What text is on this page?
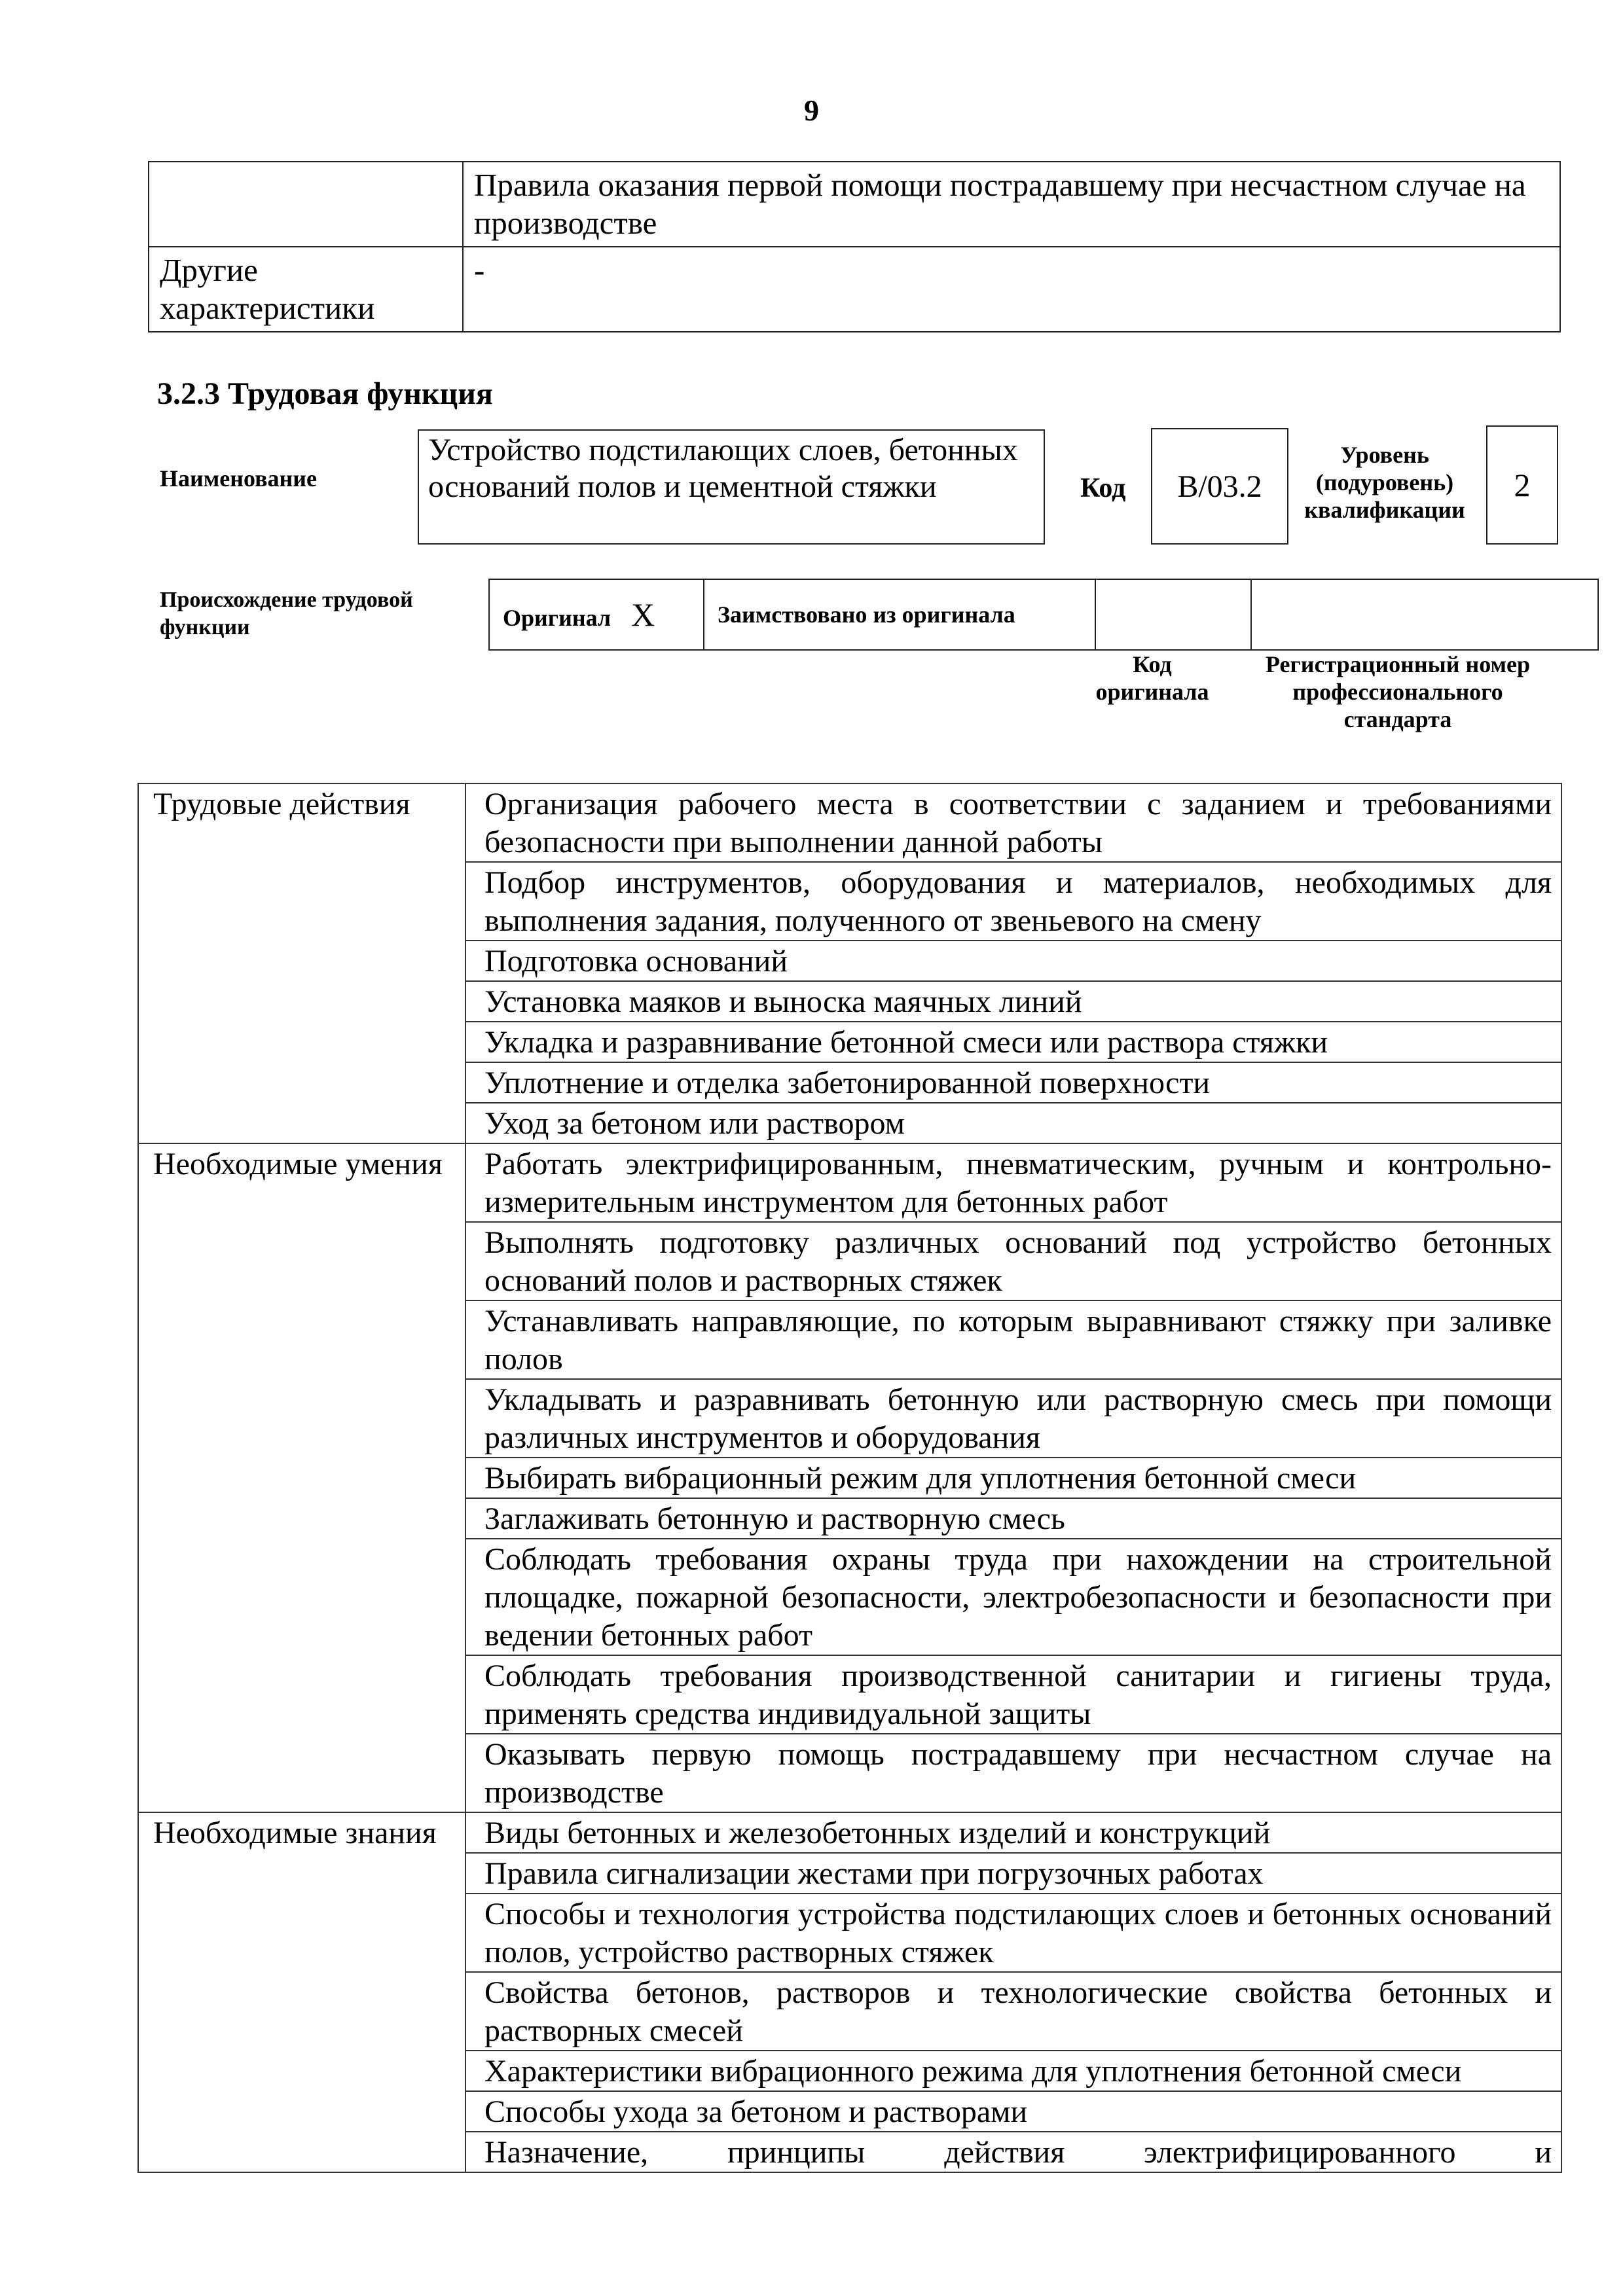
9
	Правила оказания первой помощи пострадавшему при несчастном случае на производстве
Другие характеристики	-
3.2.3 Трудовая функция
Наименование
Устройство подстилающих слоев, бетонных оснований полов и цементной стяжки	Код	В/03.2
Уровень (подуровень) квалификации
2
Происхождение трудовой функции	Оригинал X	Заимствовано из оригинала		
Код оригинала
Регистрационный номер профессионального стандарта
Трудовые действия	Организация рабочего места в соответствии с заданием и требованиями безопасности при выполнении данной работы
	Подбор инструментов, оборудования и материалов, необходимых для выполнения задания, полученного от звеньевого на смену
	Подготовка оснований
	Установка маяков и выноска маячных линий
	Укладка и разравнивание бетонной смеси или раствора стяжки
	Уплотнение и отделка забетонированной поверхности
	Уход за бетоном или раствором
Необходимые умения	Работать электрифицированным, пневматическим, ручным и контрольно-измерительным инструментом для бетонных работ
	Выполнять подготовку различных оснований под устройство бетонных оснований полов и растворных стяжек
	Устанавливать направляющие, по которым выравнивают стяжку при заливке полов
	Укладывать и разравнивать бетонную или растворную смесь при помощи различных инструментов и оборудования
	Выбирать вибрационный режим для уплотнения бетонной смеси
	Заглаживать бетонную и растворную смесь
	Соблюдать требования охраны труда при нахождении на строительной площадке, пожарной безопасности, электробезопасности и безопасности при ведении бетонных работ
	Соблюдать требования производственной санитарии и гигиены труда, применять средства индивидуальной защиты
	Оказывать первую помощь пострадавшему при несчастном случае на производстве
Необходимые знания	Виды бетонных и железобетонных изделий и конструкций
	Правила сигнализации жестами при погрузочных работах
	Способы и технология устройства подстилающих слоев и бетонных оснований полов, устройство растворных стяжек
	Свойства бетонов, растворов и технологические свойства бетонных и растворных смесей
	Характеристики вибрационного режима для уплотнения бетонной смеси
	Способы ухода за бетоном и растворами
	Назначение, принципы действия электрифицированного и
